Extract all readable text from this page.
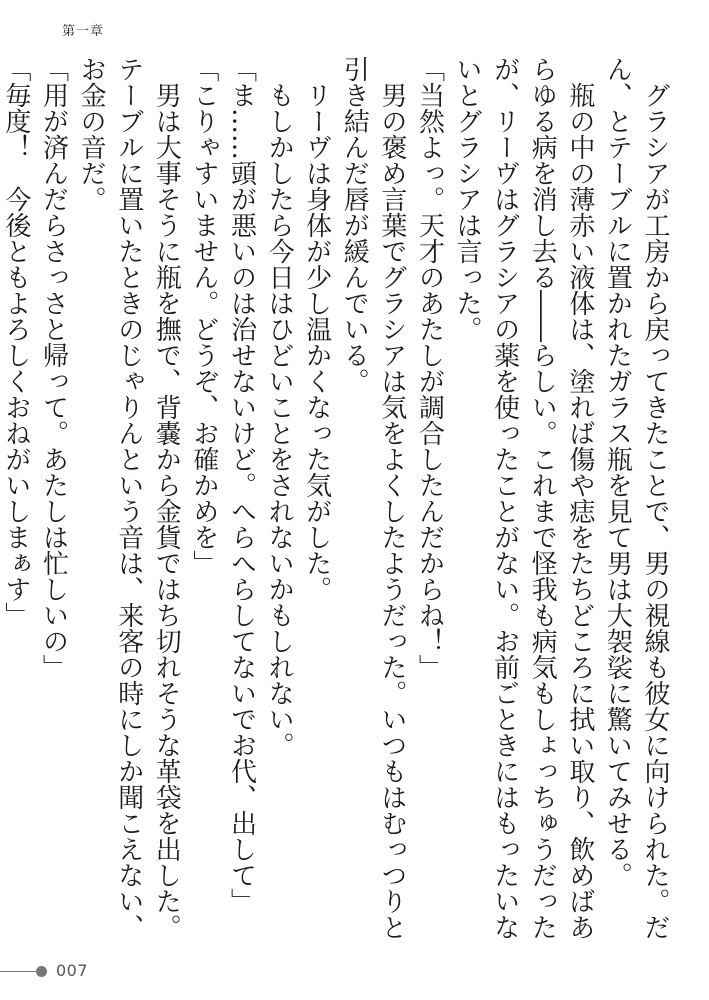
第一章

　グラシアが工房から戻ってきたことで、男の視線も彼女に向けられた。だん、とテーブルに置かれたガラス瓶を見て男は大袈裟に驚いてみせる。

　瓶の中の薄赤い液体は、塗れば傷や痣をたちどころに拭い取り、飲めばあらゆる病を消し去る――らしい。これまで怪我も病気もしょっちゅうだったが、リーヴはグラシアの薬を使ったことがない。お前ごときにはもったいないとグラシアは言った。

「当然よっ。天才のあたしが調合したんだからね！」

　男の褒め言葉でグラシアは気をよくしたようだった。いつもはむっつりと引き結んだ唇が緩んでいる。

　リーヴは身体が少し温かくなった気がした。

　もしかしたら今日はひどいことをされないかもしれない。

「ま……頭が悪いのは治せないけど。へらへらしてないでお代、出して」

「こりゃすいません。どうぞ、お確かめを」

　男は大事そうに瓶を撫で、背嚢から金貨ではち切れそうな革袋を出した。テーブルに置いたときのじゃりんという音は、来客の時にしか聞こえない、お金の音だ。

「用が済んだらさっさと帰って。あたしは忙しいの」

「毎度！　今後ともよろしくおねがいしまぁす」

007
